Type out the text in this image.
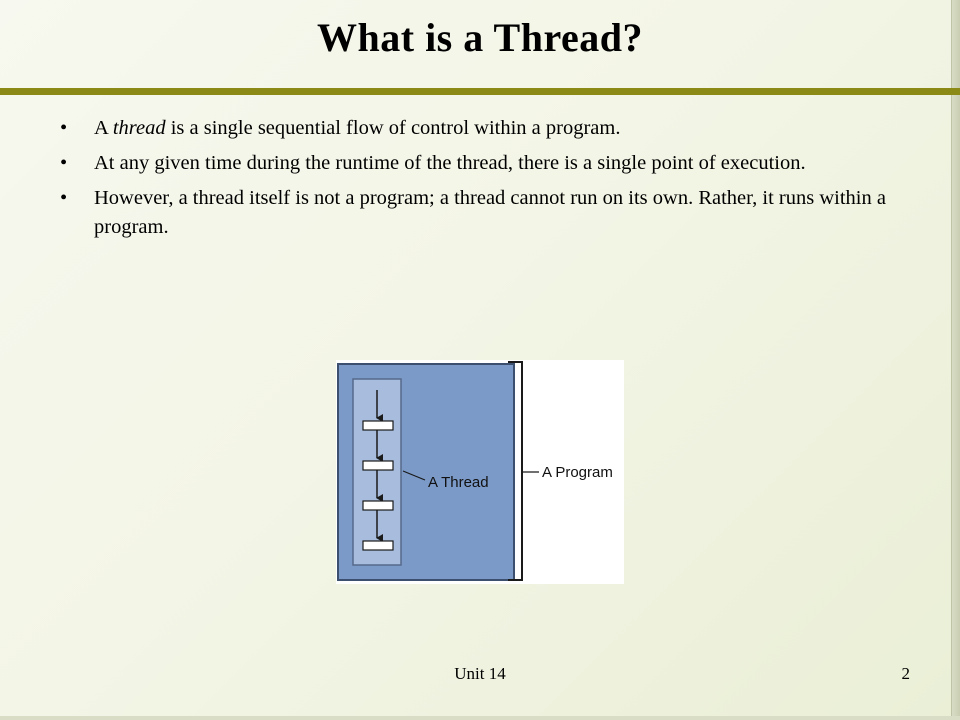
What is a Thread?
• A thread is a single sequential flow of control within a program.
• At any given time during the runtime of the thread, there is a single point of execution.
• However, a thread itself is not a program; a thread cannot run on its own. Rather, it runs within a program.
A Thread
A Program
Unit 14	2
